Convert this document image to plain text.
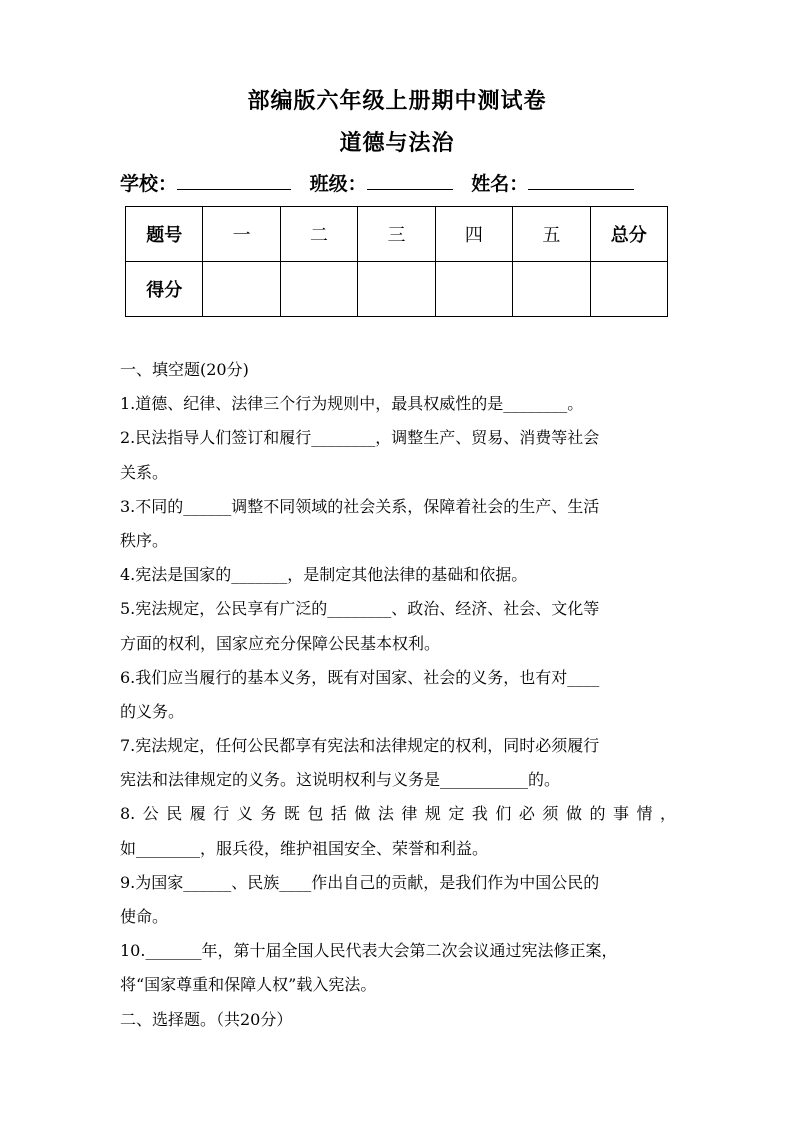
部编版六年级上册期中测试卷
道德与法治
学校：	班级：	姓名：
题号	一	二	三	四	五	总分
得分						
一、填空题(20分)
1.道德、纪律、法律三个行为规则中，最具权威性的是________。
2.民法指导人们签订和履行________，调整生产、贸易、消费等社会
关系。
3.不同的______调整不同领域的社会关系，保障着社会的生产、生活
秩序。
4.宪法是国家的_______，是制定其他法律的基础和依据。
5.宪法规定，公民享有广泛的________、政治、经济、社会、文化等
方面的权利，国家应充分保障公民基本权利。
6.我们应当履行的基本义务，既有对国家、社会的义务，也有对____
的义务。
7.宪法规定，任何公民都享有宪法和法律规定的权利，同时必须履行
宪法和法律规定的义务。这说明权利与义务是___________的。
8.公民履行义务既包括做法律规定我们必须做的事情，
如________，服兵役，维护祖国安全、荣誉和利益。
9.为国家______、民族____作出自己的贡献，是我们作为中国公民的
使命。
10._______年，第十届全国人民代表大会第二次会议通过宪法修正案，
将“国家尊重和保障人权”载入宪法。
二、选择题。（共20分）
